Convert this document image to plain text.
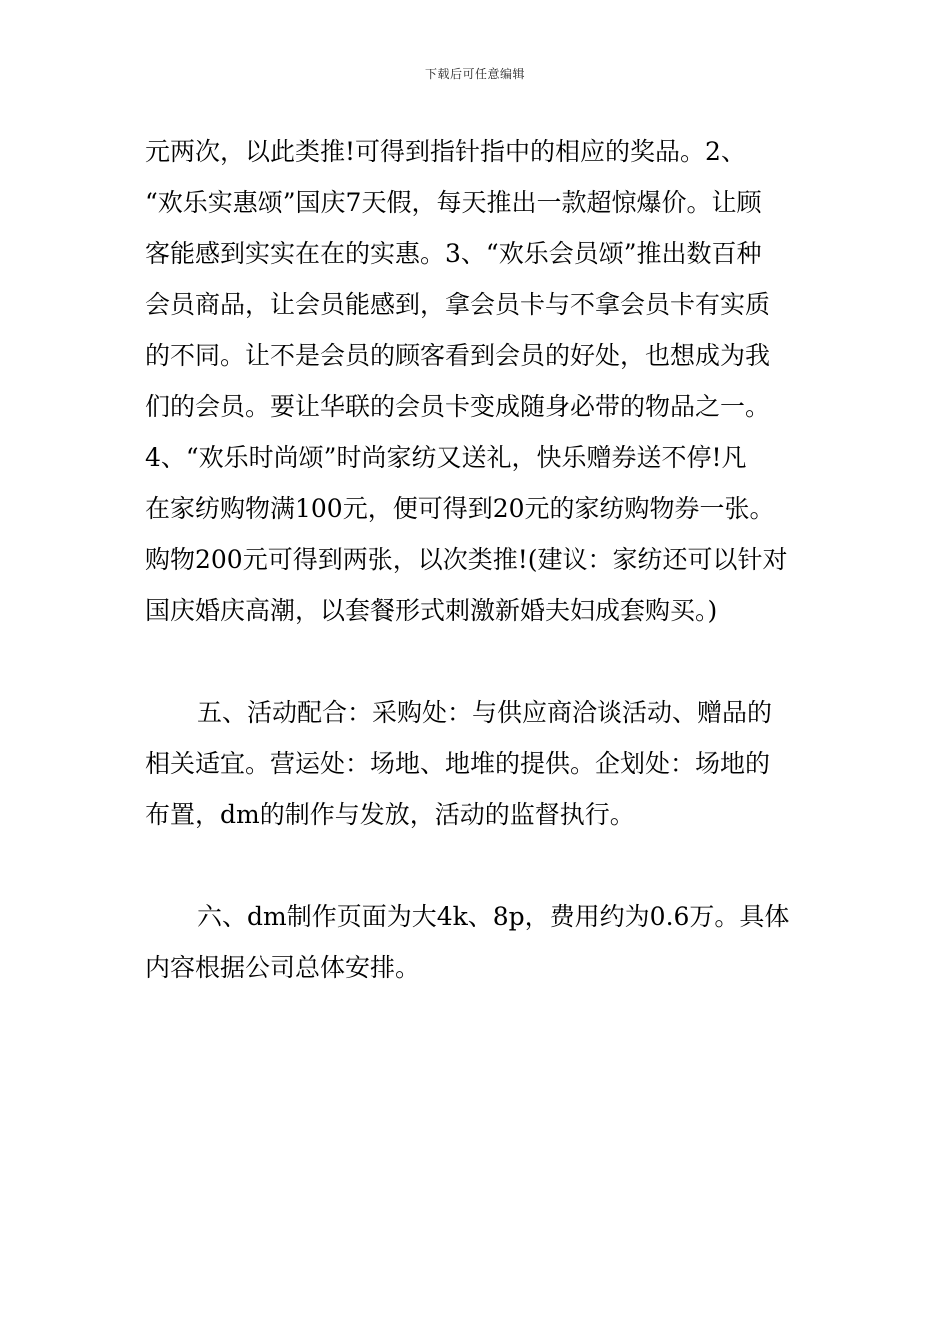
下载后可任意编辑
元两次，以此类推!可得到指针指中的相应的奖品。2、
“欢乐实惠颂”国庆7天假，每天推出一款超惊爆价。让顾
客能感到实实在在的实惠。3、“欢乐会员颂”推出数百种
会员商品，让会员能感到，拿会员卡与不拿会员卡有实质
的不同。让不是会员的顾客看到会员的好处，也想成为我
们的会员。要让华联的会员卡变成随身必带的物品之一。
4、“欢乐时尚颂”时尚家纺又送礼，快乐赠券送不停!凡
在家纺购物满100元，便可得到20元的家纺购物券一张。
购物200元可得到两张，以次类推!(建议：家纺还可以针对
国庆婚庆高潮，以套餐形式刺激新婚夫妇成套购买。)
五、活动配合：采购处：与供应商洽谈活动、赠品的
相关适宜。营运处：场地、地堆的提供。企划处：场地的
布置，dm的制作与发放，活动的监督执行。
六、dm制作页面为大4k、8p，费用约为0.6万。具体
内容根据公司总体安排。
